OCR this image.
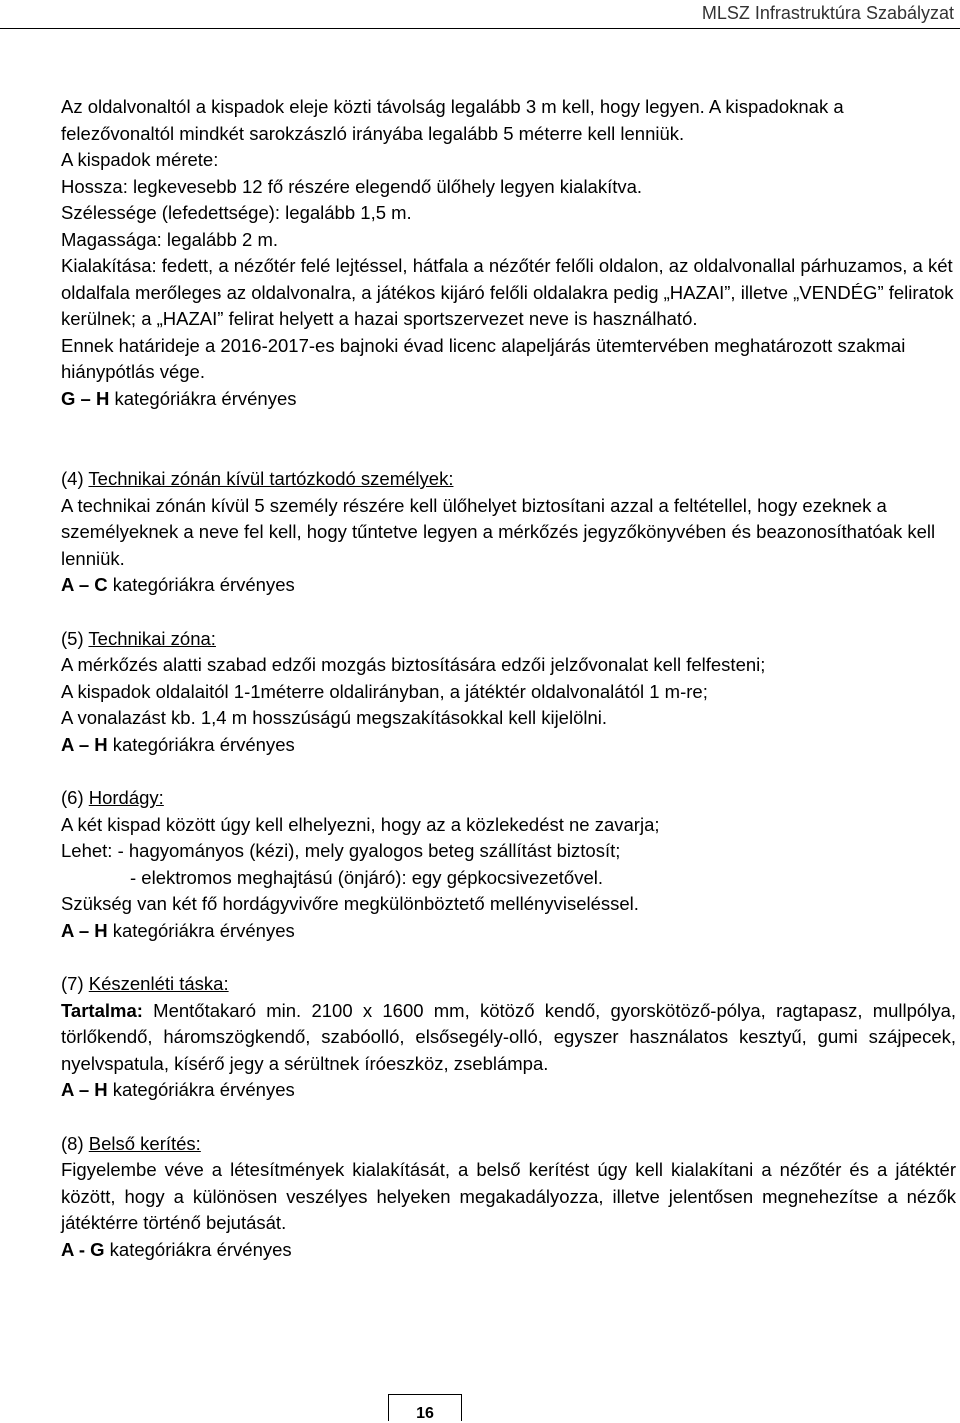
MLSZ Infrastruktúra Szabályzat

Az oldalvonaltól a kispadok eleje közti távolság legalább 3 m kell, hogy legyen. A kispadoknak a felezővonaltól mindkét sarokzászló irányába legalább 5 méterre kell lenniük.

A kispadok mérete:

Hossza: legkevesebb 12 fő részére elegendő ülőhely legyen kialakítva.

Szélessége (lefedettsége): legalább 1,5 m.

Magassága: legalább 2 m.

Kialakítása: fedett, a nézőtér felé lejtéssel, hátfala a nézőtér felőli oldalon, az oldalvonallal párhuzamos, a két oldalfala merőleges az oldalvonalra, a játékos kijáró felőli oldalakra pedig „HAZAI”, illetve „VENDÉG” feliratok kerülnek; a „HAZAI” felirat helyett a hazai sportszervezet neve is használható.

Ennek határideje a 2016-2017-es bajnoki évad licenc alapeljárás ütemtervében meghatározott szakmai hiánypótlás vége.

G – H kategóriákra érvényes

(4) Technikai zónán kívül tartózkodó személyek:

A technikai zónán kívül 5 személy részére kell ülőhelyet biztosítani azzal a feltétellel, hogy ezeknek a személyeknek a neve fel kell, hogy tűntetve legyen a mérkőzés jegyzőkönyvében és beazonosíthatóak kell lenniük.

A – C kategóriákra érvényes

(5) Technikai zóna:

A mérkőzés alatti szabad edzői mozgás biztosítására edzői jelzővonalat kell felfesteni;

A kispadok oldalaitól 1-1méterre oldalirányban, a játéktér oldalvonalától 1 m-re;

A vonalazást kb. 1,4 m hosszúságú megszakításokkal kell kijelölni.

A – H kategóriákra érvényes

(6) Hordágy:

A két kispad között úgy kell elhelyezni, hogy az a közlekedést ne zavarja;

Lehet: - hagyományos (kézi), mely gyalogos beteg szállítást biztosít;

- elektromos meghajtású (önjáró): egy gépkocsivezetővel.

Szükség van két fő hordágyvivőre megkülönböztető mellényviseléssel.

A – H kategóriákra érvényes

(7) Készenléti táska:

Tartalma: Mentőtakaró min. 2100 x 1600 mm, kötöző kendő, gyorskötöző-pólya, ragtapasz, mullpólya, törlőkendő, háromszögkendő, szabóolló, elsősegély-olló, egyszer használatos kesztyű, gumi szájpecek, nyelvspatula, kísérő jegy a sérültnek íróeszköz, zseblámpa.

A – H kategóriákra érvényes

(8) Belső kerítés:

Figyelembe véve a létesítmények kialakítását, a belső kerítést úgy kell kialakítani a nézőtér és a játéktér között, hogy a különösen veszélyes helyeken megakadályozza, illetve jelentősen megnehezítse a nézők játéktérre történő bejutását.

A - G kategóriákra érvényes

16
